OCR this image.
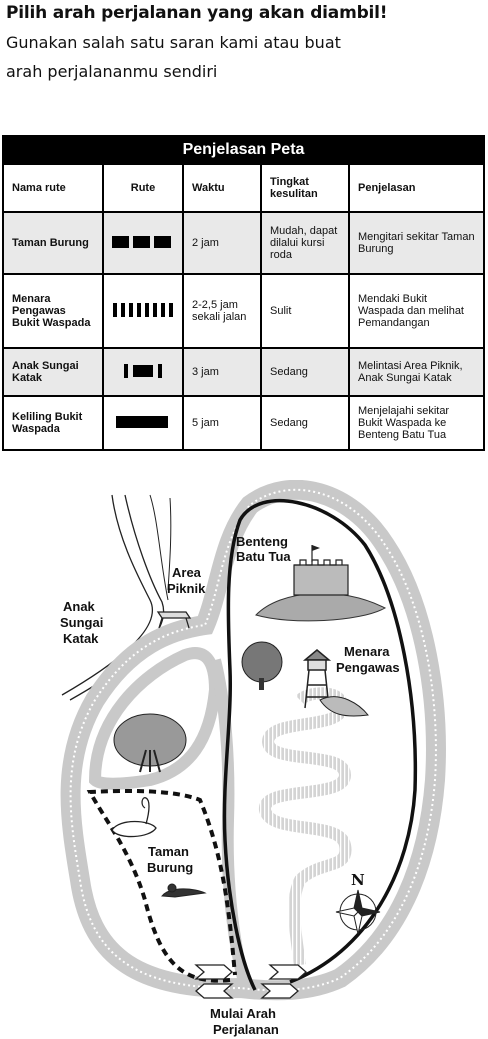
Pilih arah perjalanan yang akan diambil!
Gunakan salah satu saran kami atau buat
arah perjalananmu sendiri
Penjelasan Peta				
Nama rute	Rute	Waktu	Tingkat kesulitan	Penjelasan
Taman Burung		2 jam	Mudah, dapat dilalui kursi roda	Mengitari sekitar Taman Burung
Menara Pengawas Bukit Waspada		2-2,5 jam sekali jalan	Sulit	Mendaki Bukit Waspada dan melihat Pemandangan
Anak Sungai Katak		3 jam	Sedang	Melintasi Area Piknik, Anak Sungai Katak
Keliling Bukit Waspada		5 jam	Sedang	Menjelajahi sekitar Bukit Waspada ke Benteng Batu Tua
Benteng
Batu Tua
Area
Piknik
Anak
Sungai
Katak
Menara
Pengawas
Taman
Burung
N
Mulai Arah
Perjalanan
